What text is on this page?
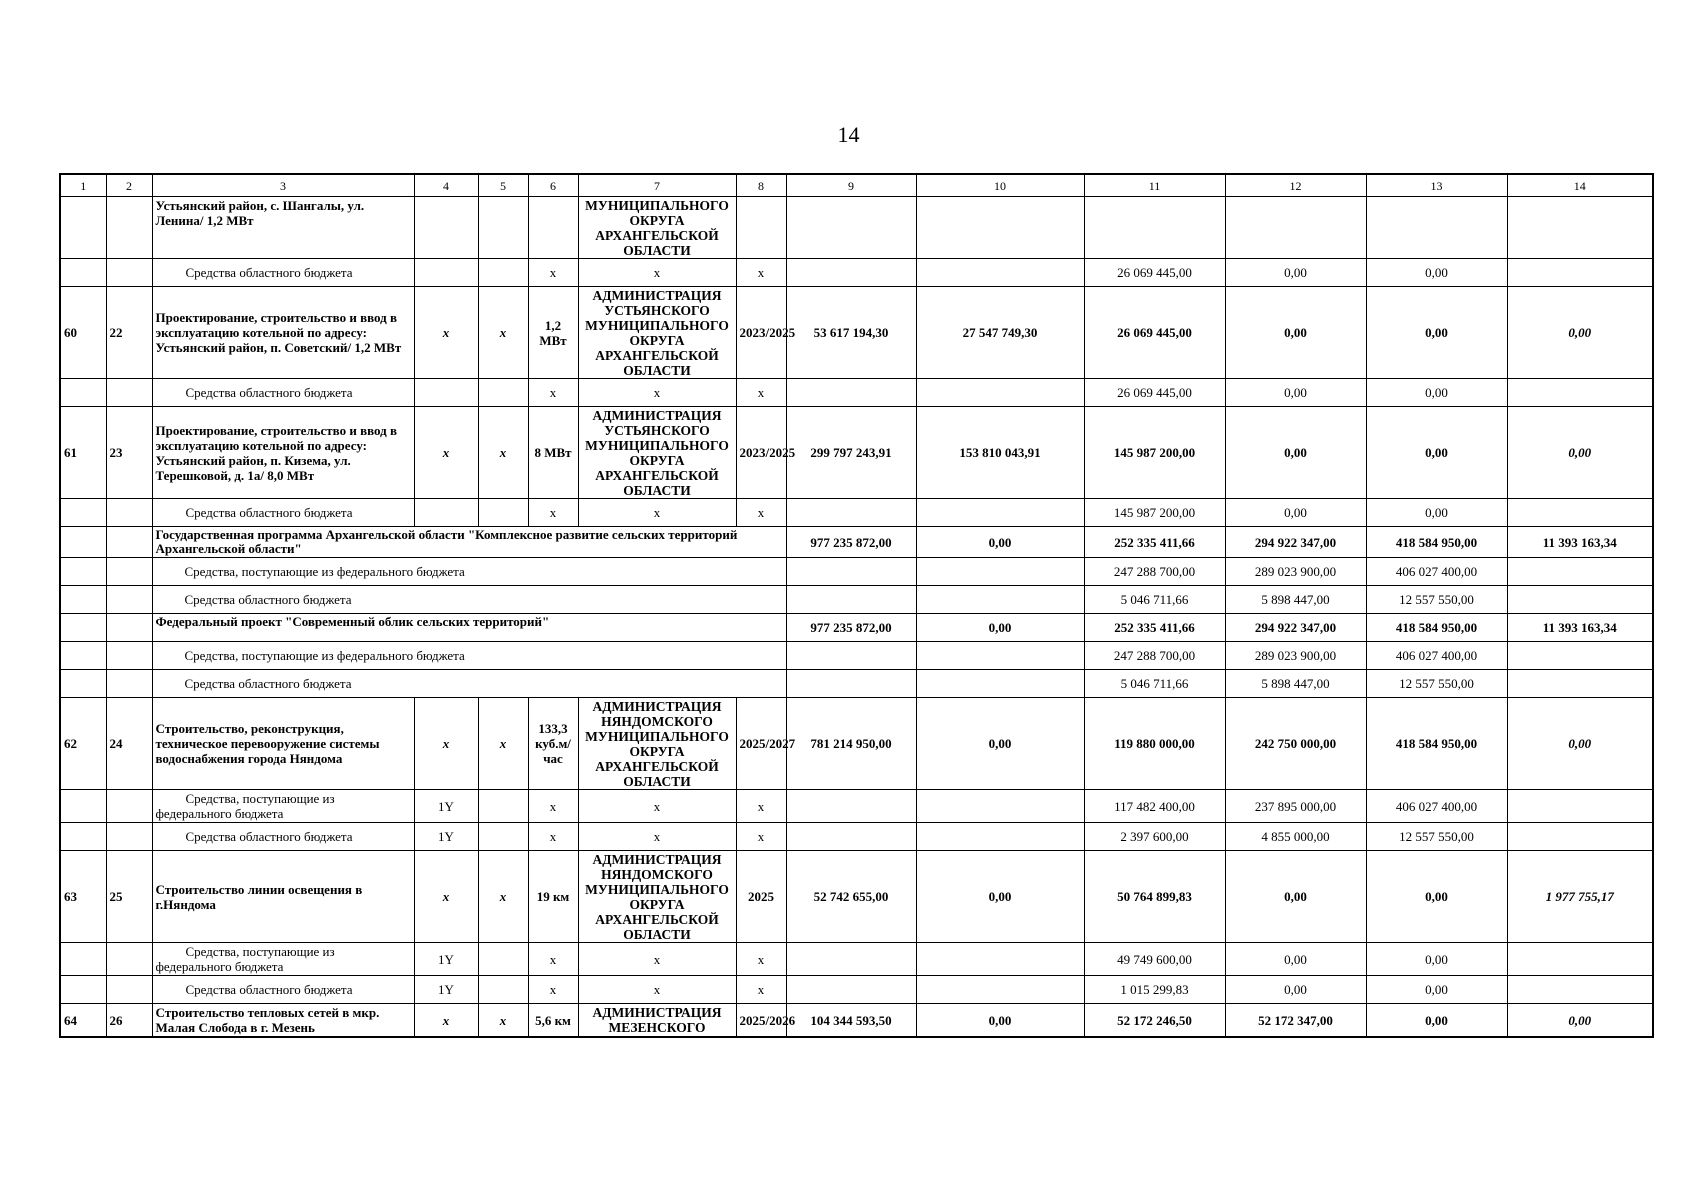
14
1	2	3	4	5	6	7	8	9	10	11	12	13	14
		Устьянский район, с. Шангалы, ул. Ленина/ 1,2 МВт				МУНИЦИПАЛЬНОГО ОКРУГА АРХАНГЕЛЬСКОЙ ОБЛАСТИ							
		Средства областного бюджета			x	x	x			26 069 445,00	0,00	0,00	
60	22	Проектирование, строительство и ввод в эксплуатацию котельной по адресу: Устьянский район, п. Советский/ 1,2 МВт	x	x	1,2 МВт	АДМИНИСТРАЦИЯ УСТЬЯНСКОГО МУНИЦИПАЛЬНОГО ОКРУГА АРХАНГЕЛЬСКОЙ ОБЛАСТИ	2023/2025	53 617 194,30	27 547 749,30	26 069 445,00	0,00	0,00	0,00
		Средства областного бюджета			x	x	x			26 069 445,00	0,00	0,00	
61	23	Проектирование, строительство и ввод в эксплуатацию котельной по адресу: Устьянский район, п. Кизема, ул. Терешковой, д. 1а/ 8,0 МВт	x	x	8 МВт	АДМИНИСТРАЦИЯ УСТЬЯНСКОГО МУНИЦИПАЛЬНОГО ОКРУГА АРХАНГЕЛЬСКОЙ ОБЛАСТИ	2023/2025	299 797 243,91	153 810 043,91	145 987 200,00	0,00	0,00	0,00
		Средства областного бюджета			x	x	x			145 987 200,00	0,00	0,00	
		Государственная программа Архангельской области "Комплексное развитие сельских территорий Архангельской области"						977 235 872,00	0,00	252 335 411,66	294 922 347,00	418 584 950,00	11 393 163,34
		Средства, поступающие из федерального бюджета								247 288 700,00	289 023 900,00	406 027 400,00	
		Средства областного бюджета								5 046 711,66	5 898 447,00	12 557 550,00	
		Федеральный проект "Современный облик сельских территорий"						977 235 872,00	0,00	252 335 411,66	294 922 347,00	418 584 950,00	11 393 163,34
		Средства, поступающие из федерального бюджета								247 288 700,00	289 023 900,00	406 027 400,00	
		Средства областного бюджета								5 046 711,66	5 898 447,00	12 557 550,00	
62	24	Строительство, реконструкция, техническое перевооружение системы водоснабжения города Няндома	x	x	133,3 куб.м/час	АДМИНИСТРАЦИЯ НЯНДОМСКОГО МУНИЦИПАЛЬНОГО ОКРУГА АРХАНГЕЛЬСКОЙ ОБЛАСТИ	2025/2027	781 214 950,00	0,00	119 880 000,00	242 750 000,00	418 584 950,00	0,00
		Средства, поступающие из федерального бюджета	1Y		x	x	x			117 482 400,00	237 895 000,00	406 027 400,00	
		Средства областного бюджета	1Y		x	x	x			2 397 600,00	4 855 000,00	12 557 550,00	
63	25	Строительство линии освещения в г.Няндома	x	x	19 км	АДМИНИСТРАЦИЯ НЯНДОМСКОГО МУНИЦИПАЛЬНОГО ОКРУГА АРХАНГЕЛЬСКОЙ ОБЛАСТИ	2025	52 742 655,00	0,00	50 764 899,83	0,00	0,00	1 977 755,17
		Средства, поступающие из федерального бюджета	1Y		x	x	x			49 749 600,00	0,00	0,00	
		Средства областного бюджета	1Y		x	x	x			1 015 299,83	0,00	0,00	
64	26	Строительство тепловых сетей в мкр. Малая Слобода в г. Мезень	x	x	5,6 км	АДМИНИСТРАЦИЯ МЕЗЕНСКОГО	2025/2026	104 344 593,50	0,00	52 172 246,50	52 172 347,00	0,00	0,00
